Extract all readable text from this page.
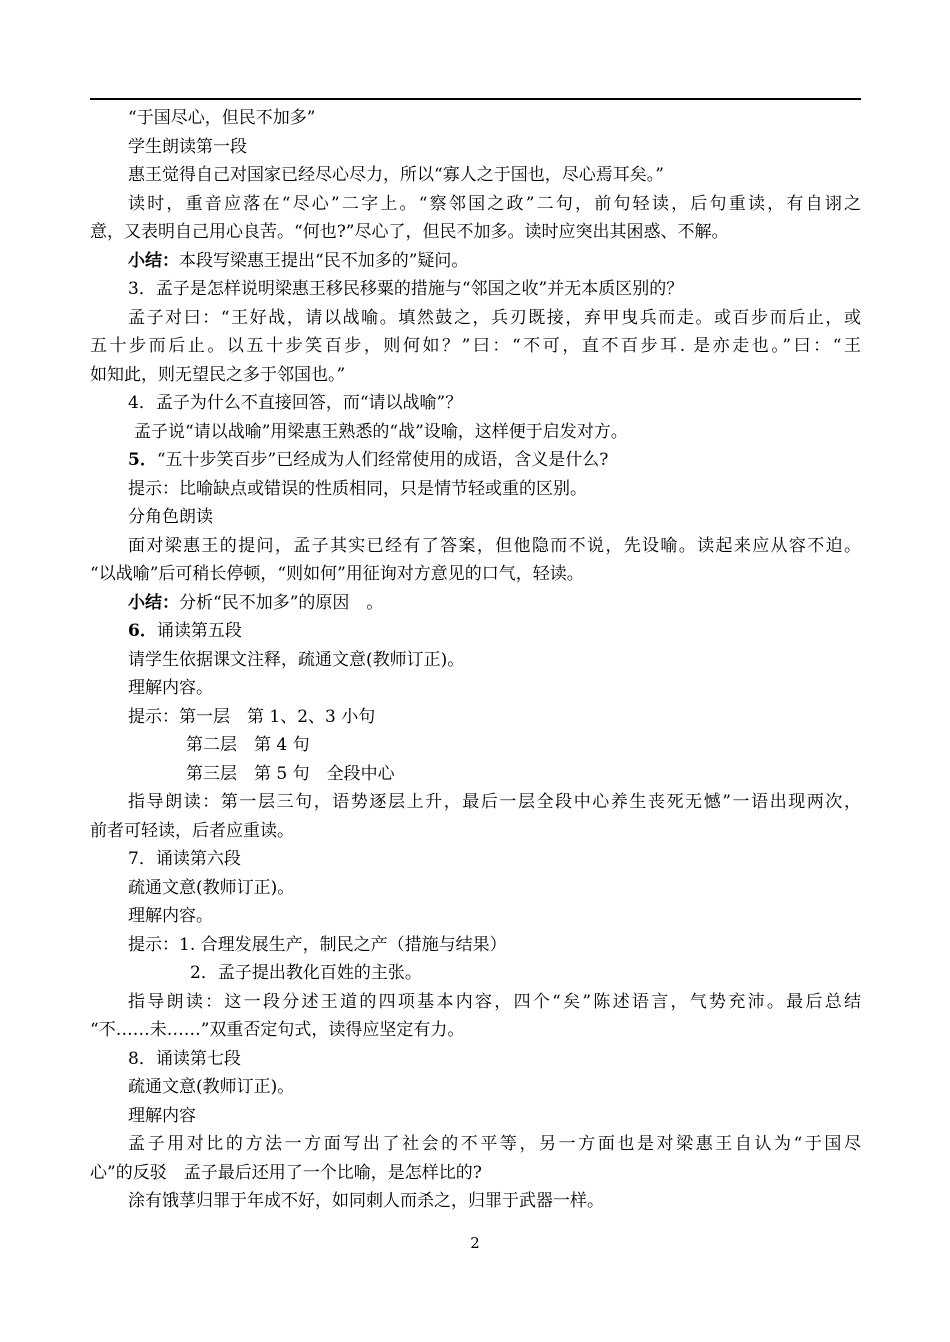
“于国尽心，但民不加多”
学生朗读第一段
惠王觉得自己对国家已经尽心尽力，所以“寡人之于国也，尽心焉耳矣。”
读时，重音应落在“尽心”二字上。“察邻国之政”二句，前句轻读，后句重读，有自诩之
意，又表明自己用心良苦。“何也?”尽心了，但民不加多。读时应突出其困惑、不解。
小结：本段写梁惠王提出“民不加多的”疑问。
3．孟子是怎样说明梁惠王移民移粟的措施与“邻国之收”并无本质区别的？
孟子对曰：“王好战，请以战喻。填然鼓之，兵刃既接，弃甲曳兵而走。或百步而后止，或
五十步而后止。以五十步笑百步，则何如？”曰：“不可，直不百步耳. 是亦走也。”曰：“王
如知此，则无望民之多于邻国也。”
4．孟子为什么不直接回答，而“请以战喻”？
孟子说“请以战喻”用梁惠王熟悉的“战”设喻，这样便于启发对方。
5．“五十步笑百步”已经成为人们经常使用的成语，含义是什么?
提示：比喻缺点或错误的性质相同，只是情节轻或重的区别。
分角色朗读
面对梁惠王的提问，孟子其实已经有了答案，但他隐而不说，先设喻。读起来应从容不迫。
“以战喻”后可稍长停顿，“则如何”用征询对方意见的口气，轻读。
小结：分析“民不加多”的原因　。
6．诵读第五段
请学生依据课文注释，疏通文意(教师订正)。
理解内容。
提示：第一层　第 1、2、3 小句
第二层　第 4 句
第三层　第 5 句　全段中心
指导朗读：第一层三句，语势逐层上升，最后一层全段中心养生丧死无憾”一语出现两次，
前者可轻读，后者应重读。
7．诵读第六段
疏通文意(教师订正)。
理解内容。
提示：1. 合理发展生产，制民之产（措施与结果）
2．孟子提出教化百姓的主张。
指导朗读：这一段分述王道的四项基本内容，四个“矣”陈述语言，气势充沛。最后总结
“不……未……”双重否定句式，读得应坚定有力。
8．诵读第七段
疏通文意(教师订正)。
理解内容
孟子用对比的方法一方面写出了社会的不平等，另一方面也是对梁惠王自认为“于国尽
心”的反驳　孟子最后还用了一个比喻，是怎样比的?
涂有饿莩归罪于年成不好，如同刺人而杀之，归罪于武器一样。
2
